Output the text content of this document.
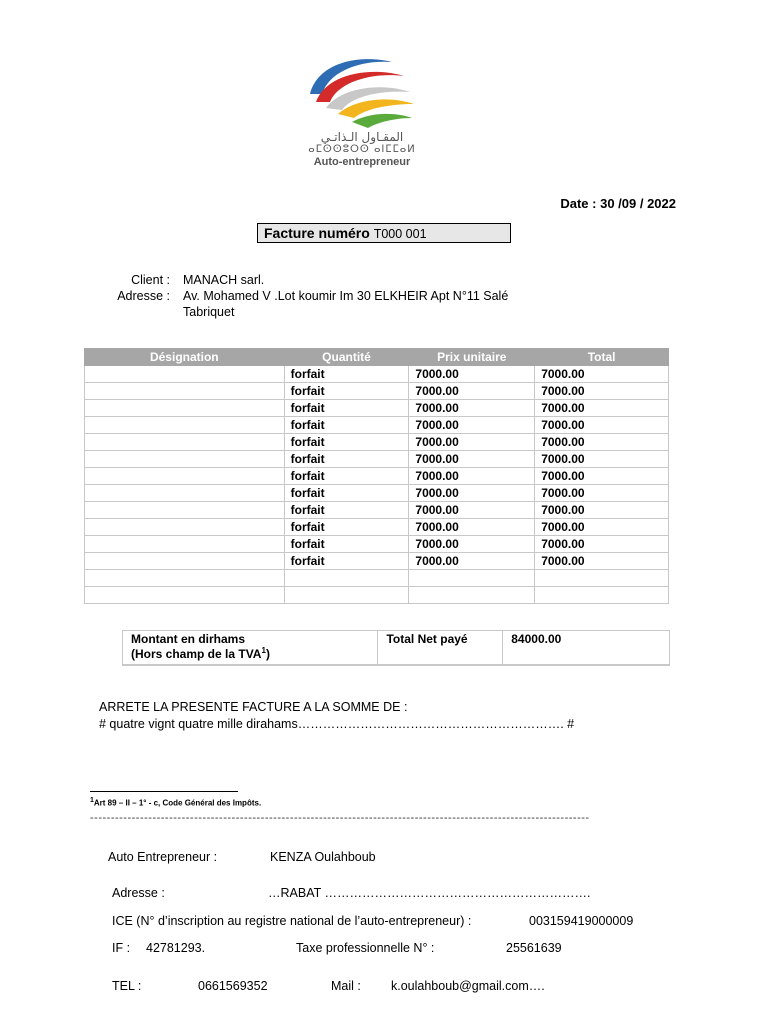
المقـاول الـذاتـي
ⴰⵎⵙⵙⵓⵔⵙ ⴰⵏⵎⵎⴰⵍ
Auto-entrepreneur
Date : 30 /09 / 2022
Facture numéro T000 001
Client : MANACH sarl.
Adresse : Av. Mohamed V .Lot koumir Im 30 ELKHEIR Apt N°11 Salé
Tabriquet
Désignation	Quantité	Prix unitaire	Total
	forfait	7000.00	7000.00
	forfait	7000.00	7000.00
	forfait	7000.00	7000.00
	forfait	7000.00	7000.00
	forfait	7000.00	7000.00
	forfait	7000.00	7000.00
	forfait	7000.00	7000.00
	forfait	7000.00	7000.00
	forfait	7000.00	7000.00
	forfait	7000.00	7000.00
	forfait	7000.00	7000.00
	forfait	7000.00	7000.00

Montant en dirhams
(Hors champ de la TVA$^1$)
	Total Net payé	84000.00
ARRETE LA PRESENTE FACTURE A LA SOMME DE :
# quatre vignt quatre mille dirahams………………………………………………………. #
$^1$Art 89 – II – 1° - c, Code Général des Impôts.
------------------------------------------------------------------------------------------------------------------------
Auto Entrepreneur :	KENZA Oulahboub
Adresse :	…RABAT ……………………………………………………….
ICE (N° d’inscription au registre national de l’auto-entrepreneur) :	003159419000009
IF : 42781293.	Taxe professionnelle N° :	25561639
TEL :	0661569352	Mail : k.oulahboub@gmail.com….
